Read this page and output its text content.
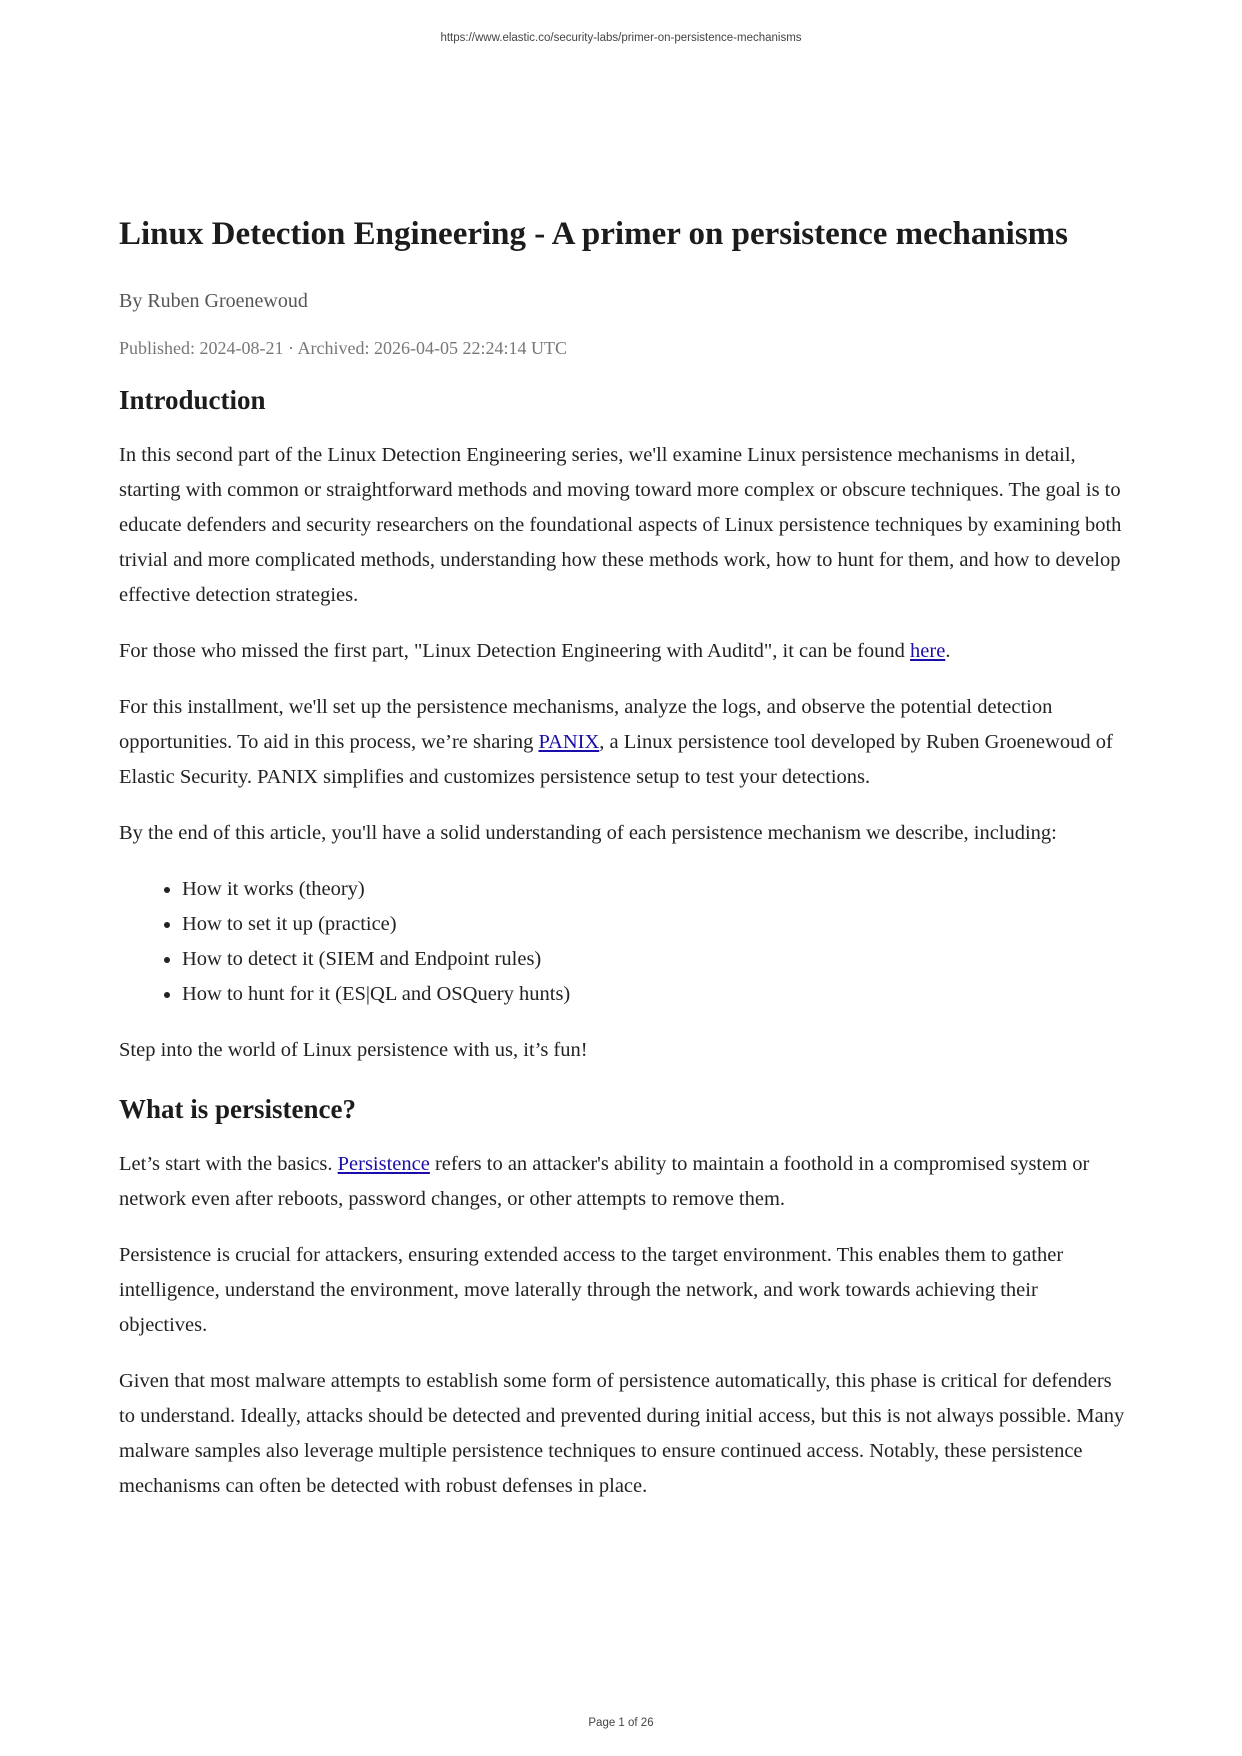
https://www.elastic.co/security-labs/primer-on-persistence-mechanisms
Linux Detection Engineering - A primer on persistence mechanisms
By Ruben Groenewoud
Published: 2024-08-21 · Archived: 2026-04-05 22:24:14 UTC
Introduction

In this second part of the Linux Detection Engineering series, we'll examine Linux persistence mechanisms in detail, starting with common or straightforward methods and moving toward more complex or obscure techniques. The goal is to educate defenders and security researchers on the foundational aspects of Linux persistence techniques by examining both trivial and more complicated methods, understanding how these methods work, how to hunt for them, and how to develop effective detection strategies.

For those who missed the first part, "Linux Detection Engineering with Auditd", it can be found here.

For this installment, we'll set up the persistence mechanisms, analyze the logs, and observe the potential detection opportunities. To aid in this process, we’re sharing PANIX, a Linux persistence tool developed by Ruben Groenewoud of Elastic Security. PANIX simplifies and customizes persistence setup to test your detections.

By the end of this article, you'll have a solid understanding of each persistence mechanism we describe, including:

• How it works (theory)
• How to set it up (practice)
• How to detect it (SIEM and Endpoint rules)
• How to hunt for it (ES|QL and OSQuery hunts)

Step into the world of Linux persistence with us, it’s fun!

What is persistence?

Let’s start with the basics. Persistence refers to an attacker's ability to maintain a foothold in a compromised system or network even after reboots, password changes, or other attempts to remove them.

Persistence is crucial for attackers, ensuring extended access to the target environment. This enables them to gather intelligence, understand the environment, move laterally through the network, and work towards achieving their objectives.

Given that most malware attempts to establish some form of persistence automatically, this phase is critical for defenders to understand. Ideally, attacks should be detected and prevented during initial access, but this is not always possible. Many malware samples also leverage multiple persistence techniques to ensure continued access. Notably, these persistence mechanisms can often be detected with robust defenses in place.

Page 1 of 26
